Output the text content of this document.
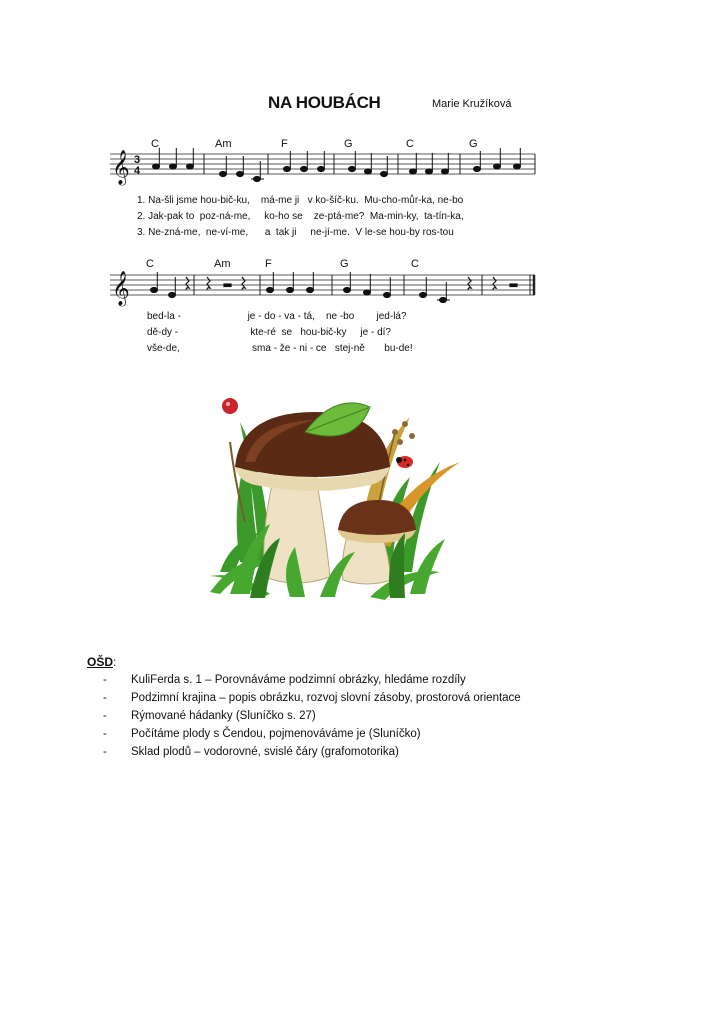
NA HOUBÁCH	Marie Kružíková
C	Am	F	G	C	G
𝄞 3
4
1. Na-šli jsme hou-bič-ku,    má-me ji   v ko-šíč-ku.  Mu-cho-můr-ka, ne-bo
2. Jak-pak to  poz-ná-me,     ko-ho se    ze-ptá-me?  Ma-min-ky,  ta-tín-ka,
3. Ne-zná-me,  ne-ví-me,      a  tak ji     ne-jí-me.  V le-se hou-by ros-tou
C	Am	F	G	C
𝄞
bed-la -                        je - do - va - tá,    ne -bo        jed-lá?
dě-dy -                          kte-ré  se   hou-bič-ky     je - dí?
vše-de,                          sma - že - ni - ce   stej-ně       bu-de!
OŠD:
- KuliFerda s. 1 – Porovnáváme podzimní obrázky, hledáme rozdíly
- Podzimní krajina – popis obrázku, rozvoj slovní zásoby, prostorová orientace
- Rýmované hádanky (Sluníčko s. 27)
- Počítáme plody s Čendou, pojmenováváme je (Sluníčko)
- Sklad plodů – vodorovné, svislé čáry (grafomotorika)
